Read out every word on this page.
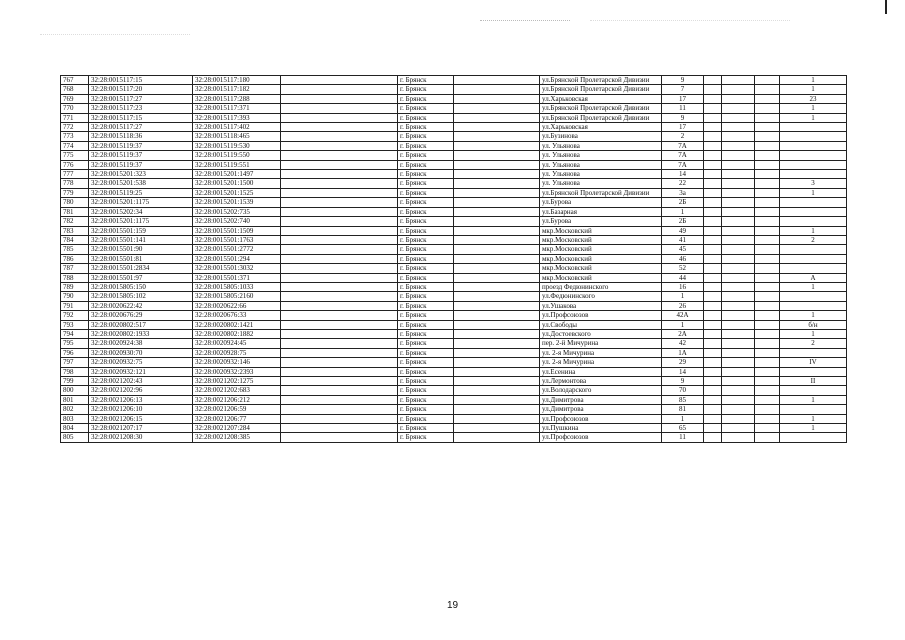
767	32:28:0015117:15	32:28:0015117:180		г. Брянск		ул.Брянской Пролетарской Дивизии	9				1
768	32:28:0015117:20	32:28:0015117:182		г. Брянск		ул.Брянской Пролетарской Дивизии	7				1
769	32:28:0015117:27	32:28:0015117:288		г. Брянск		ул.Харьковская	17				23
770	32:28:0015117:23	32:28:0015117:371		г. Брянск		ул.Брянской Пролетарской Дивизии	11				1
771	32:28:0015117:15	32:28:0015117:393		г. Брянск		ул.Брянской Пролетарской Дивизии	9				1
772	32:28:0015117:27	32:28:0015117:402		г. Брянск		ул.Харьковская	17				
773	32:28:0015118:36	32:28:0015118:465		г. Брянск		ул.Бузинова	2				
774	32:28:0015119:37	32:28:0015119:530		г. Брянск		ул. Ульянова	7А				
775	32:28:0015119:37	32:28:0015119:550		г. Брянск		ул. Ульянова	7А				
776	32:28:0015119:37	32:28:0015119:551		г. Брянск		ул. Ульянова	7А				
777	32:28:0015201:323	32:28:0015201:1497		г. Брянск		ул. Ульянова	14				
778	32:28:0015201:538	32:28:0015201:1500		г. Брянск		ул. Ульянова	22				3
779	32:28:0015119:25	32:28:0015201:1525		г. Брянск		ул.Брянской Пролетарской Дивизии	3а				1
780	32:28:0015201:1175	32:28:0015201:1539		г. Брянск		ул.Бурова	2Б				
781	32:28:0015202:34	32:28:0015202:735		г. Брянск		ул.Базарная	1				
782	32:28:0015201:1175	32:28:0015202:740		г. Брянск		ул.Бурова	2Б				
783	32:28:0015501:159	32:28:0015501:1509		г. Брянск		мкр.Московский	49				1
784	32:28:0015501:141	32:28:0015501:1763		г. Брянск		мкр.Московский	41				2
785	32:28:0015501:90	32:28:0015501:2772		г. Брянск		мкр.Московский	45				
786	32:28:0015501:81	32:28:0015501:294		г. Брянск		мкр.Московский	46				
787	32:28:0015501:2834	32:28:0015501:3032		г. Брянск		мкр.Московский	52				
788	32:28:0015501:97	32:28:0015501:371		г. Брянск		мкр.Московский	44				А
789	32:28:0015805:150	32:28:0015805:1033		г. Брянск		проезд Федюнинского	16				1
790	32:28:0015805:102	32:28:0015805:2160		г. Брянск		ул.Федюнинского	1				
791	32:28:0020622:42	32:28:0020622:66		г. Брянск		ул.Ушакова	26				
792	32:28:0020676:29	32:28:0020676:33		г. Брянск		ул.Профсоюзов	42А				1
793	32:28:0020802:517	32:28:0020802:1421		г. Брянск		ул.Свободы	1				б/н
794	32:28:0020802:1933	32:28:0020802:1882		г. Брянск		ул.Достоевского	2А				1
795	32:28:0020924:38	32:28:0020924:45		г. Брянск		пер. 2-й Мичурина	42				2
796	32:28:0020930:70	32:28:0020928:75		г. Брянск		ул. 2-я Мичурина	1А				
797	32:28:0020932:75	32:28:0020932:146		г. Брянск		ул. 2-я Мичурина	29				IV
798	32:28:0020932:121	32:28:0020932:2393		г. Брянск		ул.Есенина	14				
799	32:28:0021202:43	32:28:0021202:1275		г. Брянск		ул.Лермонтова	9				II
800	32:28:0021202:96	32:28:0021202:683		г. Брянск		ул.Володарского	70				
801	32:28:0021206:13	32:28:0021206:212		г. Брянск		ул.Димитрова	85				1
802	32:28:0021206:10	32:28:0021206:59		г. Брянск		ул.Димитрова	81				
803	32:28:0021206:15	32:28:0021206:77		г. Брянск		ул.Профсоюзов	1				1
804	32:28:0021207:17	32:28:0021207:284		г. Брянск		ул.Пушкина	65				1
805	32:28:0021208:30	32:28:0021208:385		г. Брянск		ул.Профсоюзов	11				
19
